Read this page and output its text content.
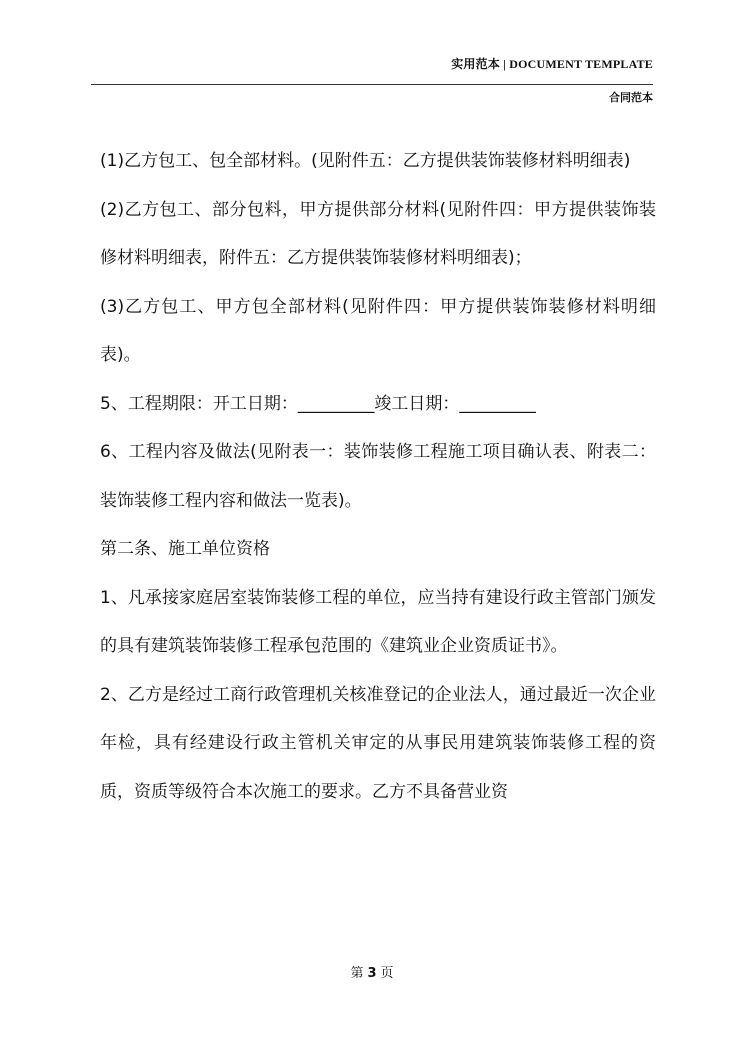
实用范本 | DOCUMENT TEMPLATE
合同范本

(1)乙方包工、包全部材料。(见附件五：乙方提供装饰装修材料明细表)

(2)乙方包工、部分包料，甲方提供部分材料(见附件四：甲方提供装饰装修材料明细表，附件五：乙方提供装饰装修材料明细表)；

(3)乙方包工、甲方包全部材料(见附件四：甲方提供装饰装修材料明细表)。

5、工程期限：开工日期：_________竣工日期：_________

6、工程内容及做法(见附表一：装饰装修工程施工项目确认表、附表二：装饰装修工程内容和做法一览表)。

第二条、施工单位资格

1、凡承接家庭居室装饰装修工程的单位，应当持有建设行政主管部门颁发的具有建筑装饰装修工程承包范围的《建筑业企业资质证书》。

2、乙方是经过工商行政管理机关核准登记的企业法人，通过最近一次企业年检，具有经建设行政主管机关审定的从事民用建筑装饰装修工程的资质，资质等级符合本次施工的要求。乙方不具备营业资

第 3 页
